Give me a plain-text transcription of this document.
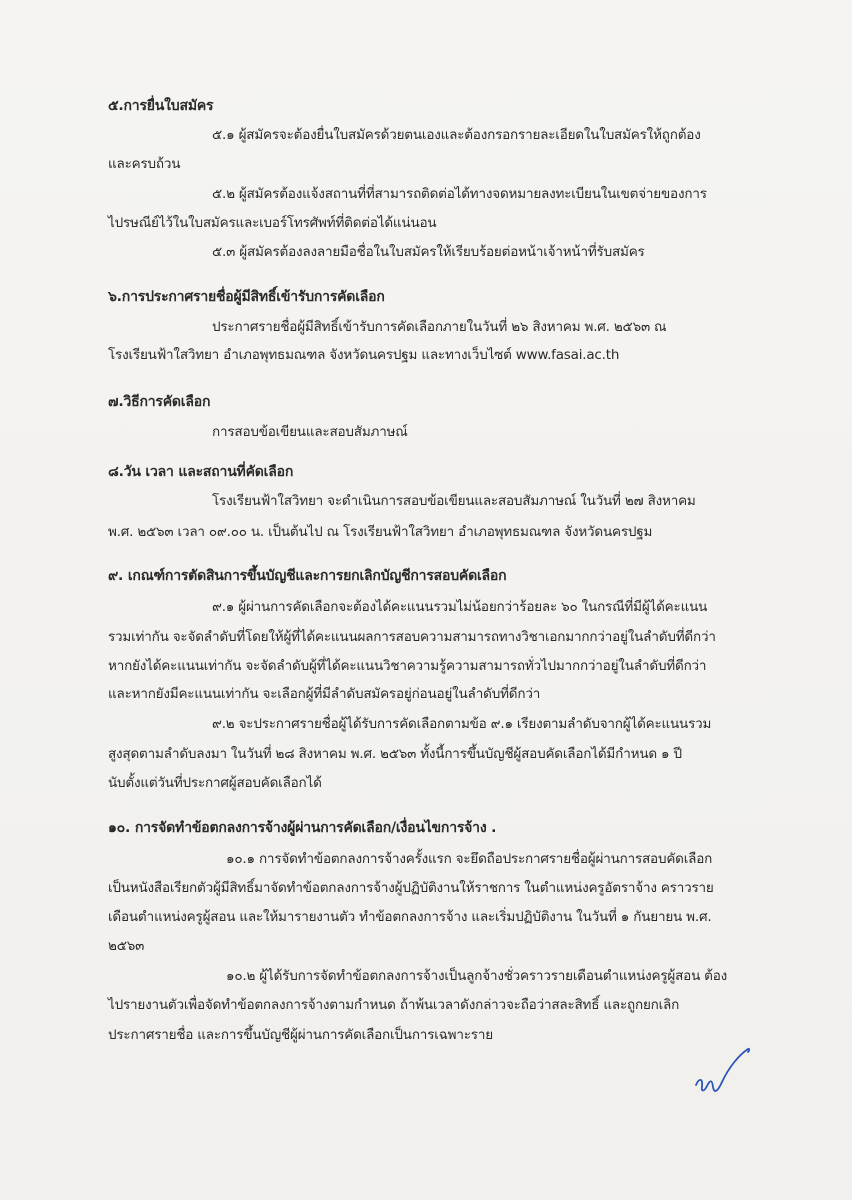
๕.การยื่นใบสมัคร
๕.๑ ผู้สมัครจะต้องยื่นใบสมัครด้วยตนเองและต้องกรอกรายละเอียดในใบสมัครให้ถูกต้อง
และครบถ้วน
๕.๒ ผู้สมัครต้องแจ้งสถานที่ที่สามารถติดต่อได้ทางจดหมายลงทะเบียนในเขตจ่ายของการ
ไปรษณีย์ไว้ในใบสมัครและเบอร์โทรศัพท์ที่ติดต่อได้แน่นอน
๕.๓ ผู้สมัครต้องลงลายมือชื่อในใบสมัครให้เรียบร้อยต่อหน้าเจ้าหน้าที่รับสมัคร
๖.การประกาศรายชื่อผู้มีสิทธิ์เข้ารับการคัดเลือก
ประกาศรายชื่อผู้มีสิทธิ์เข้ารับการคัดเลือกภายในวันที่ ๒๖ สิงหาคม พ.ศ. ๒๕๖๓ ณ
โรงเรียนฟ้าใสวิทยา อำเภอพุทธมณฑล จังหวัดนครปฐม และทางเว็บไซต์ www.fasai.ac.th
๗.วิธีการคัดเลือก
การสอบข้อเขียนและสอบสัมภาษณ์
๘.วัน เวลา และสถานที่คัดเลือก
โรงเรียนฟ้าใสวิทยา จะดำเนินการสอบข้อเขียนและสอบสัมภาษณ์ ในวันที่ ๒๗ สิงหาคม
พ.ศ. ๒๕๖๓ เวลา ๐๙.๐๐ น. เป็นต้นไป ณ โรงเรียนฟ้าใสวิทยา อำเภอพุทธมณฑล จังหวัดนครปฐม
๙. เกณฑ์การตัดสินการขึ้นบัญชีและการยกเลิกบัญชีการสอบคัดเลือก
๙.๑ ผู้ผ่านการคัดเลือกจะต้องได้คะแนนรวมไม่น้อยกว่าร้อยละ ๖๐ ในกรณีที่มีผู้ได้คะแนน
รวมเท่ากัน จะจัดลำดับที่โดยให้ผู้ที่ได้คะแนนผลการสอบความสามารถทางวิชาเอกมากกว่าอยู่ในลำดับที่ดีกว่า
หากยังได้คะแนนเท่ากัน จะจัดลำดับผู้ที่ได้คะแนนวิชาความรู้ความสามารถทั่วไปมากกว่าอยู่ในลำดับที่ดีกว่า
และหากยังมีคะแนนเท่ากัน จะเลือกผู้ที่มีลำดับสมัครอยู่ก่อนอยู่ในลำดับที่ดีกว่า
๙.๒ จะประกาศรายชื่อผู้ได้รับการคัดเลือกตามข้อ ๙.๑ เรียงตามลำดับจากผู้ได้คะแนนรวม
สูงสุดตามลำดับลงมา ในวันที่ ๒๘ สิงหาคม พ.ศ. ๒๕๖๓ ทั้งนี้การขึ้นบัญชีผู้สอบคัดเลือกได้มีกำหนด ๑ ปี
นับตั้งแต่วันที่ประกาศผู้สอบคัดเลือกได้
๑๐. การจัดทำข้อตกลงการจ้างผู้ผ่านการคัดเลือก/เงื่อนไขการจ้าง .
๑๐.๑ การจัดทำข้อตกลงการจ้างครั้งแรก จะยึดถือประกาศรายชื่อผู้ผ่านการสอบคัดเลือก
เป็นหนังสือเรียกตัวผู้มีสิทธิ์มาจัดทำข้อตกลงการจ้างผู้ปฏิบัติงานให้ราชการ ในตำแหน่งครูอัตราจ้าง คราวราย
เดือนตำแหน่งครูผู้สอน และให้มารายงานตัว ทำข้อตกลงการจ้าง และเริ่มปฏิบัติงาน ในวันที่ ๑ กันยายน พ.ศ.
๒๕๖๓
๑๐.๒ ผู้ได้รับการจัดทำข้อตกลงการจ้างเป็นลูกจ้างชั่วคราวรายเดือนตำแหน่งครูผู้สอน ต้อง
ไปรายงานตัวเพื่อจัดทำข้อตกลงการจ้างตามกำหนด ถ้าพ้นเวลาดังกล่าวจะถือว่าสละสิทธิ์ และถูกยกเลิก
ประกาศรายชื่อ และการขึ้นบัญชีผู้ผ่านการคัดเลือกเป็นการเฉพาะราย
